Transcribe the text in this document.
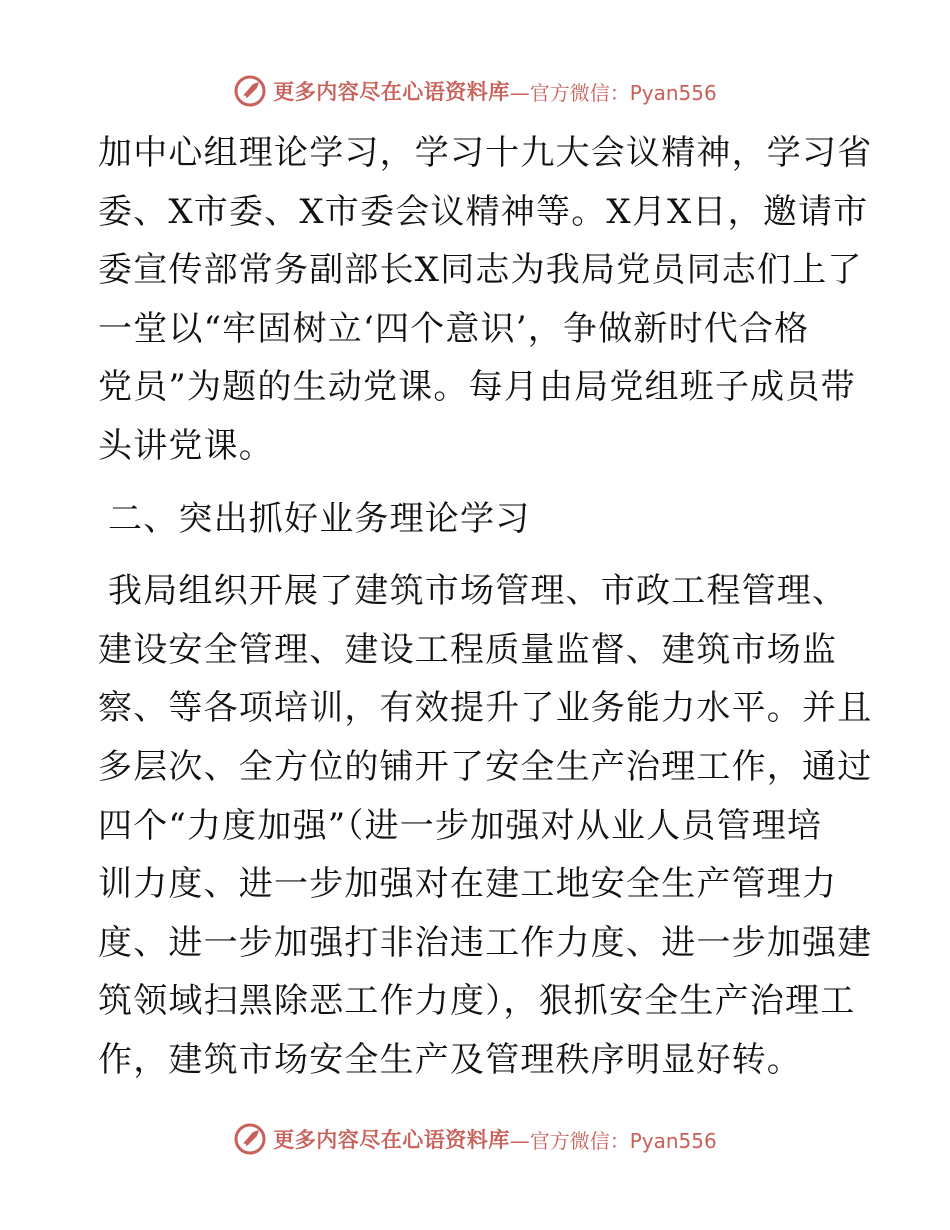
更多内容尽在心语资料库 —官方微信：Pyan556
加中心组理论学习，学习十九大会议精神，学习省
委、X市委、X市委会议精神等。X月X日，邀请市
委宣传部常务副部长X同志为我局党员同志们上了
一堂以“牢固树立‘四个意识’，争做新时代合格
党员”为题的生动党课。每月由局党组班子成员带
头讲党课。
二、突出抓好业务理论学习
我局组织开展了建筑市场管理、市政工程管理、
建设安全管理、建设工程质量监督、建筑市场监
察、等各项培训，有效提升了业务能力水平。并且
多层次、全方位的铺开了安全生产治理工作，通过
四个“力度加强”（进一步加强对从业人员管理培
训力度、进一步加强对在建工地安全生产管理力
度、进一步加强打非治违工作力度、进一步加强建
筑领域扫黑除恶工作力度），狠抓安全生产治理工
作，建筑市场安全生产及管理秩序明显好转。
更多内容尽在心语资料库 —官方微信：Pyan556
